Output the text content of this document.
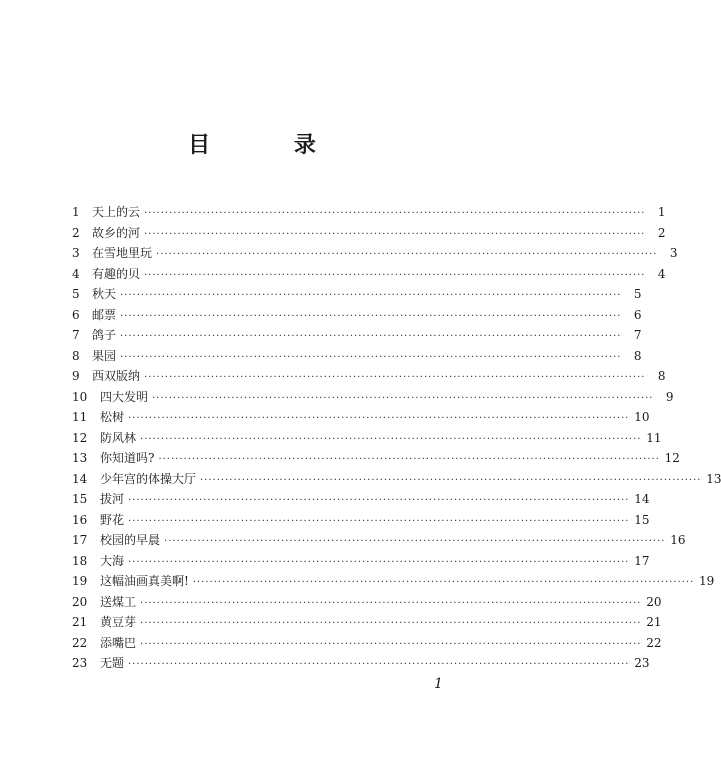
目 录
1	天上的云 ························································································································	1
2	故乡的河 ························································································································	2
3	在雪地里玩 ························································································································	3
4	有趣的贝 ························································································································	4
5	秋天 ························································································································	5
6	邮票 ························································································································	6
7	鸽子 ························································································································	7
8	果园 ························································································································	8
9	西双版纳 ························································································································	8
10	四大发明 ························································································································	9
11	松树 ························································································································ 10
12	防风林 ························································································································ 11
13	你知道吗? ························································································································ 12
14	少年宫的体操大厅 ························································································································ 13
15	拔河 ························································································································ 14
16	野花 ························································································································ 15
17	校园的早晨 ························································································································ 16
18	大海 ························································································································ 17
19	这幅油画真美啊! ························································································································ 19
20	送煤工 ························································································································ 20
21	黄豆芽 ························································································································ 21
22	添嘴巴 ························································································································ 22
23	无题 ························································································································ 23
1
